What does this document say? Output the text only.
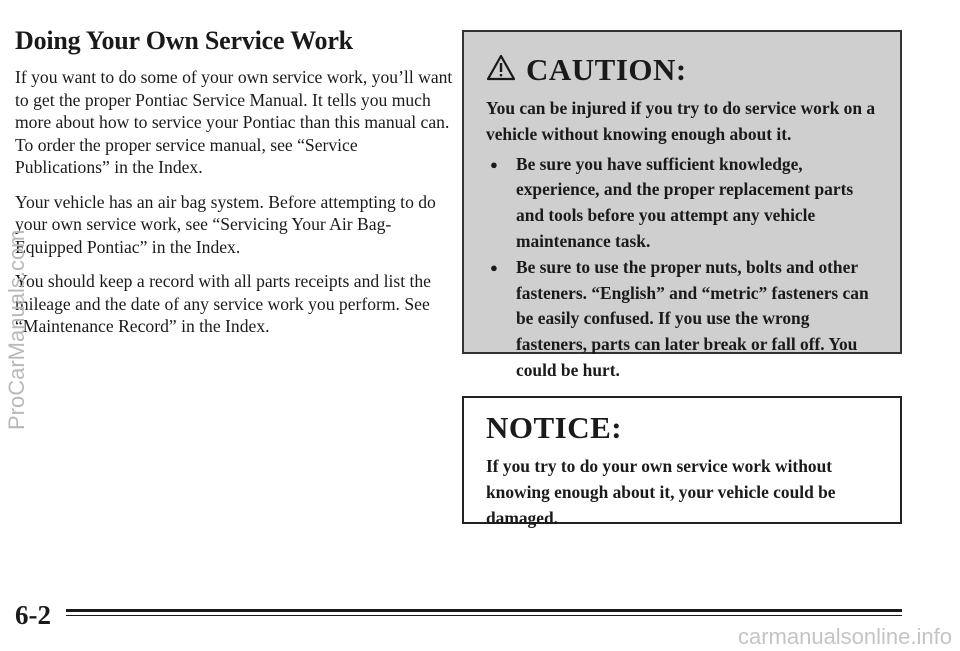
Doing Your Own Service Work

If you want to do some of your own service work, you’ll want to get the proper Pontiac Service Manual. It tells you much more about how to service your Pontiac than this manual can. To order the proper service manual, see “Service Publications” in the Index.

Your vehicle has an air bag system. Before attempting to do your own service work, see “Servicing Your Air Bag-Equipped Pontiac” in the Index.

You should keep a record with all parts receipts and list the mileage and the date of any service work you perform. See “Maintenance Record” in the Index.

CAUTION:

You can be injured if you try to do service work on a vehicle without knowing enough about it.

●	Be sure you have sufficient knowledge, experience, and the proper replacement parts and tools before you attempt any vehicle maintenance task.
●	Be sure to use the proper nuts, bolts and other fasteners. “English” and “metric” fasteners can be easily confused. If you use the wrong fasteners, parts can later break or fall off. You could be hurt.

NOTICE:

If you try to do your own service work without knowing enough about it, your vehicle could be damaged.

6-2
ProCarManuals.com
carmanualsonline.info
